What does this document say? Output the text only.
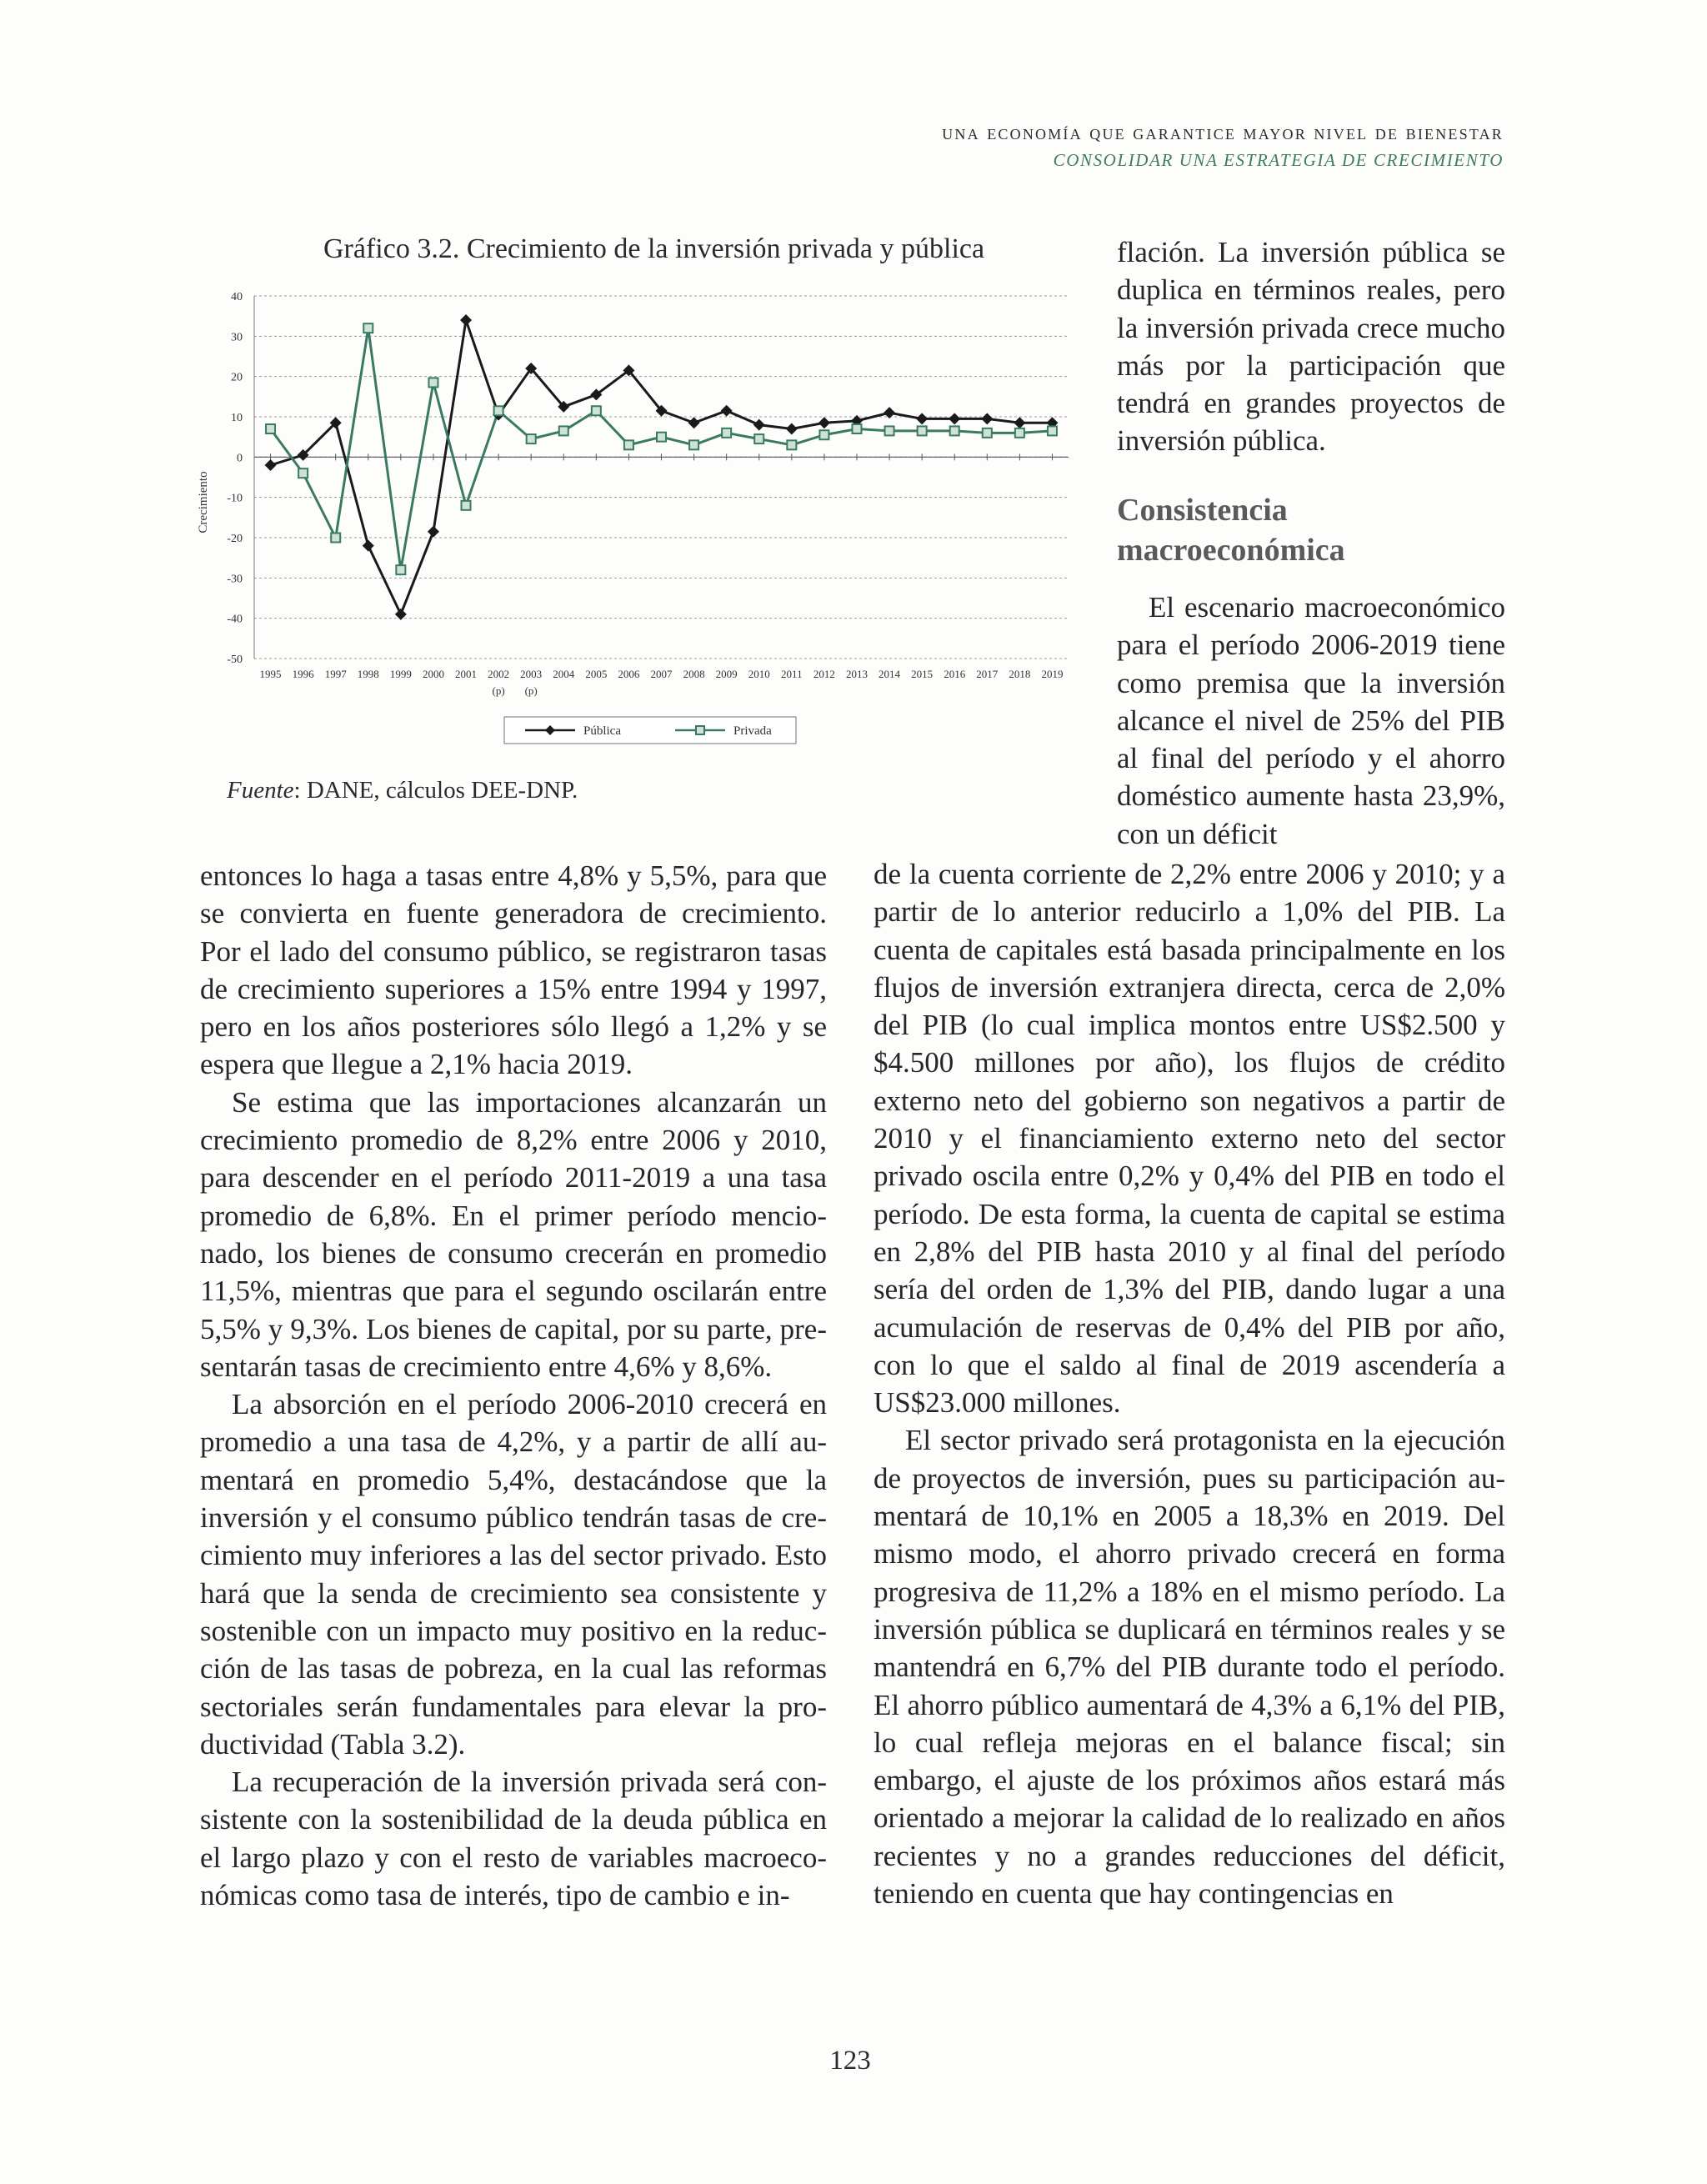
una economía que garantice mayor nivel de bienestar
CONSOLIDAR UNA ESTRATEGIA DE CRECIMIENTO
Gráfico 3.2. Crecimiento de la inversión privada y pública
40
30
20
10
0
-10
-20
-30
-40
-50
Crecimiento
1995 1996 1997 1998 1999 2000 2001 2002
(p)
2003
(p)
2004 2005 2006 2007 2008 2009 2010 2011 2012 2013 2014 2015 2016 2017 2018 2019
Pública	Privada
Fuente: DANE, cálculos DEE-DNP.

entonces lo haga a tasas entre 4,8% y 5,5%, para que se convierta en fuente generadora de crecimiento. Por el lado del consumo público, se registraron tasas de crecimiento superiores a 15% entre 1994 y 1997, pero en los años posteriores sólo llegó a 1,2% y se espera que llegue a 2,1% hacia 2019.

Se estima que las importaciones alcanzarán un crecimiento promedio de 8,2% entre 2006 y 2010, para descender en el período 2011-2019 a una tasa promedio de 6,8%. En el primer período mencionado, los bienes de consumo crecerán en promedio 11,5%, mientras que para el segundo oscilarán entre 5,5% y 9,3%. Los bienes de capital, por su parte, presentarán tasas de crecimiento entre 4,6% y 8,6%.

La absorción en el período 2006-2010 crecerá en promedio a una tasa de 4,2%, y a partir de allí aumentará en promedio 5,4%, destacándose que la inversión y el consumo público tendrán tasas de crecimiento muy inferiores a las del sector privado. Esto hará que la senda de crecimiento sea consistente y sostenible con un impacto muy positivo en la reducción de las tasas de pobreza, en la cual las reformas sectoriales serán fundamentales para elevar la productividad (Tabla 3.2).

La recuperación de la inversión privada será consistente con la sostenibilidad de la deuda pública en el largo plazo y con el resto de variables macroeconómicas como tasa de interés, tipo de cambio e in-

flación. La inversión pública se duplica en términos reales, pero la inversión privada crece mucho más por la participación que tendrá en grandes proyectos de inversión pública.

Consistencia macroeconómica

El escenario macroeconómico para el período 2006-2019 tiene como premisa que la inversión alcance el nivel de 25% del PIB al final del período y el ahorro doméstico aumente hasta 23,9%, con un déficit

de la cuenta corriente de 2,2% entre 2006 y 2010; y a partir de lo anterior reducirlo a 1,0% del PIB. La cuenta de capitales está basada principalmente en los flujos de inversión extranjera directa, cerca de 2,0% del PIB (lo cual implica montos entre US$2.500 y $4.500 millones por año), los flujos de crédito externo neto del gobierno son negativos a partir de 2010 y el financiamiento externo neto del sector privado oscila entre 0,2% y 0,4% del PIB en todo el período. De esta forma, la cuenta de capital se estima en 2,8% del PIB hasta 2010 y al final del período sería del orden de 1,3% del PIB, dando lugar a una acumulación de reservas de 0,4% del PIB por año, con lo que el saldo al final de 2019 ascendería a US$23.000 millones.

El sector privado será protagonista en la ejecución de proyectos de inversión, pues su participación aumentará de 10,1% en 2005 a 18,3% en 2019. Del mismo modo, el ahorro privado crecerá en forma progresiva de 11,2% a 18% en el mismo período. La inversión pública se duplicará en términos reales y se mantendrá en 6,7% del PIB durante todo el período. El ahorro público aumentará de 4,3% a 6,1% del PIB, lo cual refleja mejoras en el balance fiscal; sin embargo, el ajuste de los próximos años estará más orientado a mejorar la calidad de lo realizado en años recientes y no a grandes reducciones del déficit, teniendo en cuenta que hay contingencias en

123
